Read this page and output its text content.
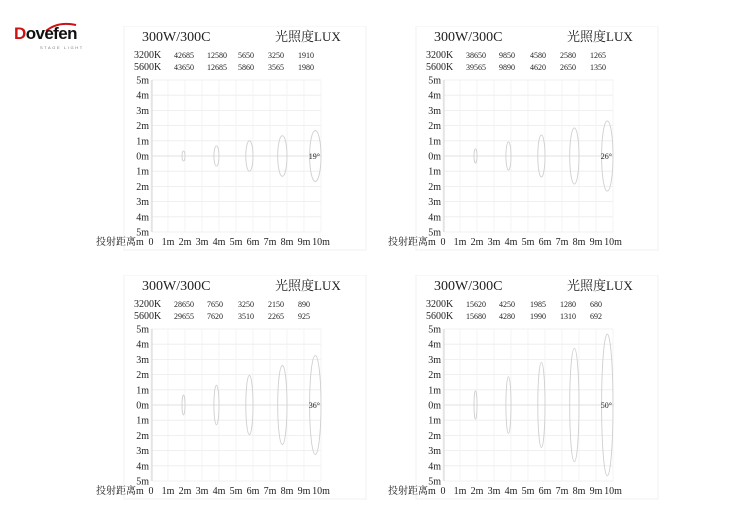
Dovefen
STAGE LIGHT
300W/300C	光照度LUX
3200K 42685 12580 5650 3250 1910
5600K 43650 12685 5860 3565 1980
5m
4m
3m
2m
1m
0m
1m
2m
3m
4m
5m
投射距离m 0 1m 2m 3m 4m 5m 6m 7m 8m 9m 10m
19°
300W/300C	光照度LUX
3200K 38650 9850 4580 2580 1265
5600K 39565 9890 4620 2650 1350
5m
4m
3m
2m
1m
0m
1m
2m
3m
4m
5m
投射距离m 0 1m 2m 3m 4m 5m 6m 7m 8m 9m 10m
26°
300W/300C	光照度LUX
3200K 28650 7650 3250 2150 890
5600K 29655 7620 3510 2265 925
5m
4m
3m
2m
1m
0m
1m
2m
3m
4m
5m
投射距离m 0 1m 2m 3m 4m 5m 6m 7m 8m 9m 10m
36°
300W/300C	光照度LUX
3200K 15620 4250 1985 1280 680
5600K 15680 4280 1990 1310 692
5m
4m
3m
2m
1m
0m
1m
2m
3m
4m
5m
投射距离m 0 1m 2m 3m 4m 5m 6m 7m 8m 9m 10m
50°
